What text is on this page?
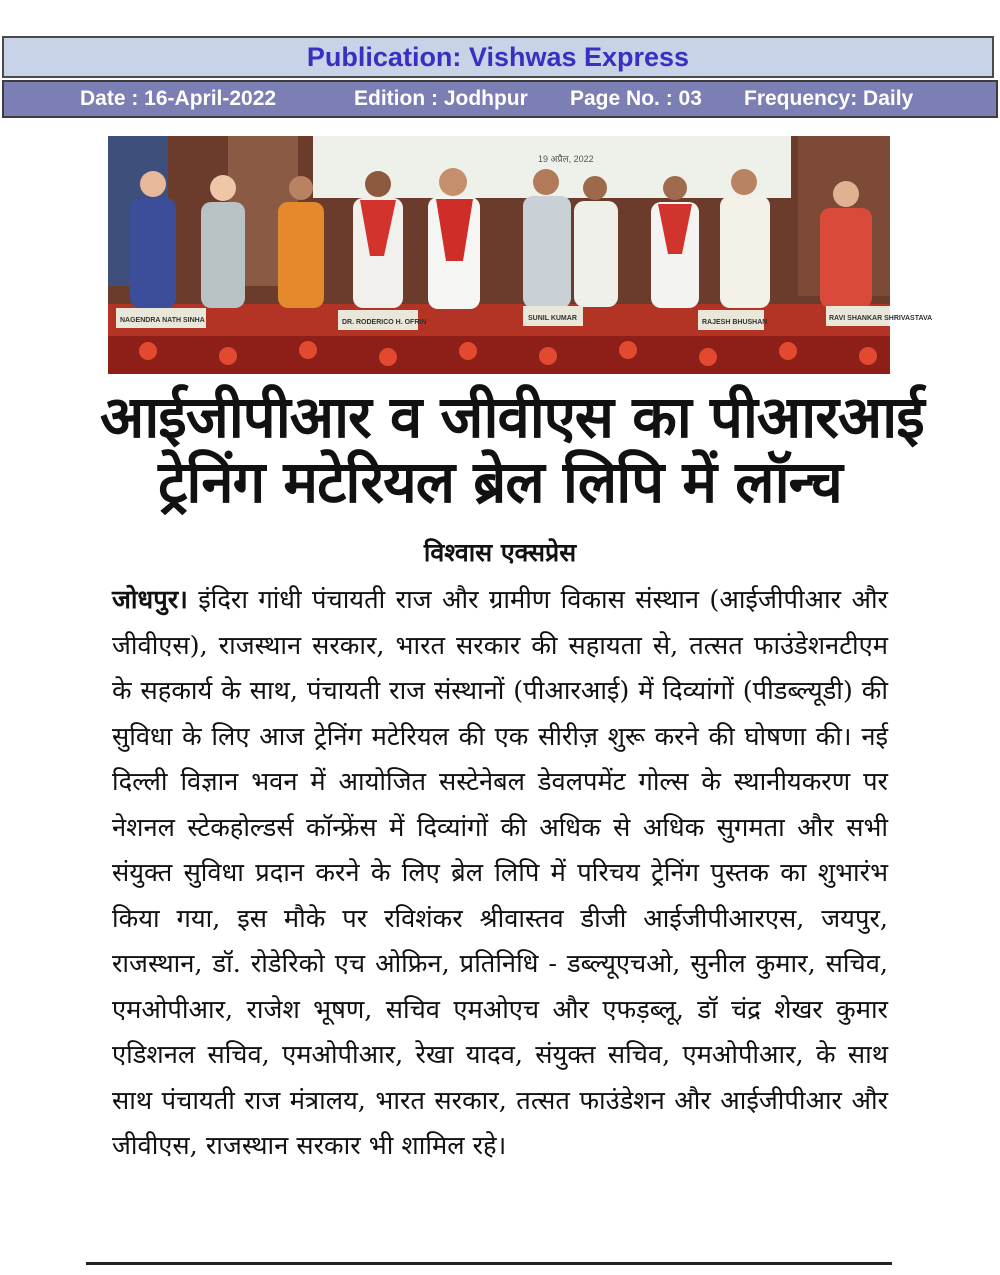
Publication: Vishwas Express
Date : 16-April-2022	Edition : Jodhpur Page No. : 03 Frequency: Daily
19 अप्रैल, 2022
NAGENDRA NATH SINHA	DR. RODERICO H. OFRIN
SUNIL KUMAR
RAJESH BHUSHAN
RAVI SHANKAR SHRIVASTAVA
आईजीपीआर व जीवीएस का पीआरआई
ट्रेनिंग मटेरियल ब्रेल लिपि में लॉन्च
विश्वास एक्सप्रेस
जोधपुर। इंदिरा गांधी पंचायती राज और ग्रामीण विकास संस्थान (आईजीपीआर और जीवीएस), राजस्थान सरकार, भारत सरकार की सहायता से, तत्सत फाउंडेशनटीएम के सहकार्य के साथ, पंचायती राज संस्थानों (पीआरआई) में दिव्यांगों (पीडब्ल्यूडी) की सुविधा के लिए आज ट्रेनिंग मटेरियल की एक सीरीज़ शुरू करने की घोषणा की। नई दिल्ली विज्ञान भवन में आयोजित सस्टेनेबल डेवलपमेंट गोल्स के स्थानीयकरण पर नेशनल स्टेकहोल्डर्स कॉन्फ्रेंस में दिव्यांगों की अधिक से अधिक सुगमता और सभी संयुक्त सुविधा प्रदान करने के लिए ब्रेल लिपि में परिचय ट्रेनिंग पुस्तक का शुभारंभ किया गया, इस मौके पर रविशंकर श्रीवास्तव डीजी आईजीपीआरएस, जयपुर, राजस्थान, डॉ. रोडेरिको एच ओफ्रिन, प्रतिनिधि - डब्ल्यूएचओ, सुनील कुमार, सचिव, एमओपीआर, राजेश भूषण, सचिव एमओएच और एफड़ब्लू, डॉ चंद्र शेखर कुमार एडिशनल सचिव, एमओपीआर, रेखा यादव, संयुक्त सचिव, एमओपीआर, के साथ साथ पंचायती राज मंत्रालय, भारत सरकार, तत्सत फाउंडेशन और आईजीपीआर और जीवीएस, राजस्थान सरकार भी शामिल रहे।
